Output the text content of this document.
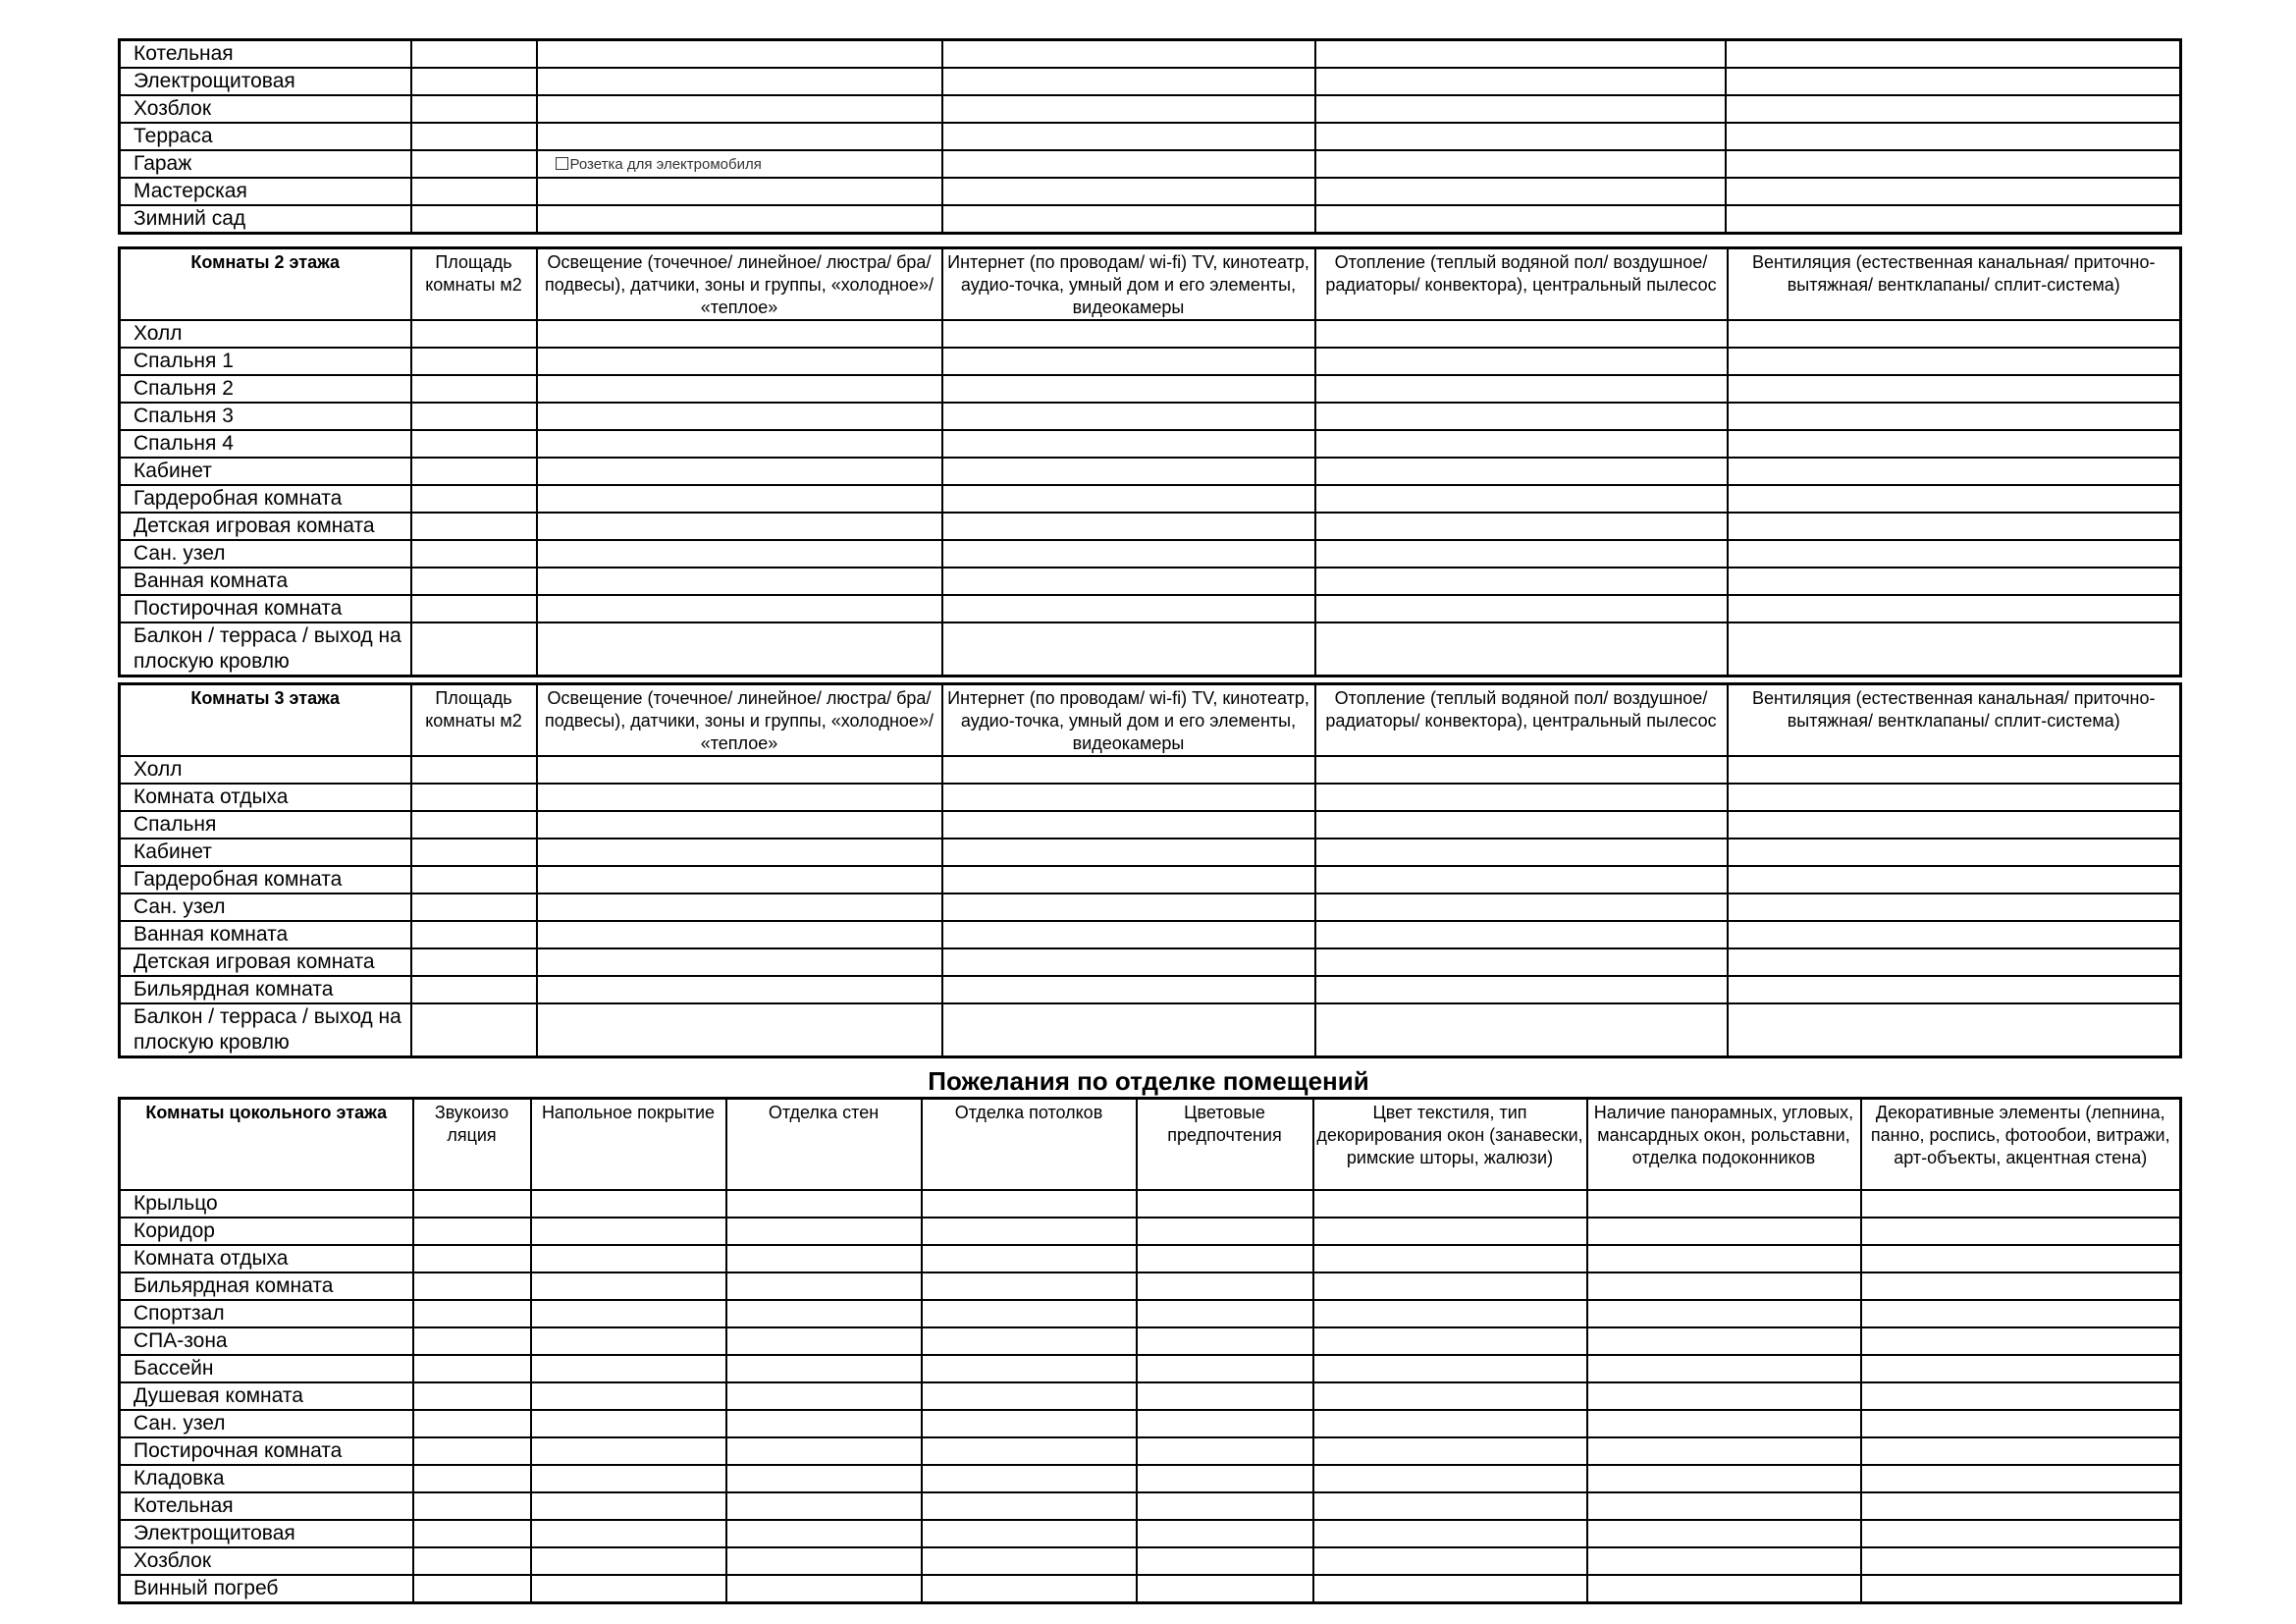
Котельная					
Электрощитовая					
Хозблок					
Терраса					
Гараж		Розетка для электромобиля			
Мастерская					
Зимний сад					
Комнаты 2 этажа	Площадь комнаты м2	Освещение (точечное/ линейное/ люстра/ бра/ подвесы), датчики, зоны и группы, «холодное»/ «теплое»	Интернет (по проводам/ wi-fi) TV, кинотеатр, аудио-точка, умный дом и его элементы, видеокамеры	Отопление (теплый водяной пол/ воздушное/ радиаторы/ конвектора), центральный пылесос	Вентиляция (естественная канальная/ приточно-вытяжная/ вентклапаны/ сплит-система)
Холл					
Спальня 1					
Спальня 2					
Спальня 3					
Спальня 4					
Кабинет					
Гардеробная комната					
Детская игровая комната					
Сан. узел					
Ванная комната					
Постирочная комната					
Балкон / терраса / выход на плоскую кровлю					
Комнаты 3 этажа	Площадь комнаты м2	Освещение (точечное/ линейное/ люстра/ бра/ подвесы), датчики, зоны и группы, «холодное»/ «теплое»	Интернет (по проводам/ wi-fi) TV, кинотеатр, аудио-точка, умный дом и его элементы, видеокамеры	Отопление (теплый водяной пол/ воздушное/ радиаторы/ конвектора), центральный пылесос	Вентиляция (естественная канальная/ приточно-вытяжная/ вентклапаны/ сплит-система)
Холл					
Комната отдыха					
Спальня					
Кабинет					
Гардеробная комната					
Сан. узел					
Ванная комната					
Детская игровая комната					
Бильярдная комната					
Балкон / терраса / выход на плоскую кровлю					
Пожелания по отделке помещений
Комнаты цокольного этажа	Звукоизо ляция	Напольное покрытие	Отделка стен	Отделка потолков	Цветовые предпочтения	Цвет текстиля, тип декорирования окон (занавески, римские шторы, жалюзи)	Наличие панорамных, угловых, мансардных окон, рольставни, отделка подоконников	Декоративные элементы (лепнина, панно, роспись, фотообои, витражи, арт-объекты, акцентная стена)
Крыльцо								
Коридор								
Комната отдыха								
Бильярдная комната								
Спортзал								
СПА-зона								
Бассейн								
Душевая комната								
Сан. узел								
Постирочная комната								
Кладовка								
Котельная								
Электрощитовая								
Хозблок								
Винный погреб								
